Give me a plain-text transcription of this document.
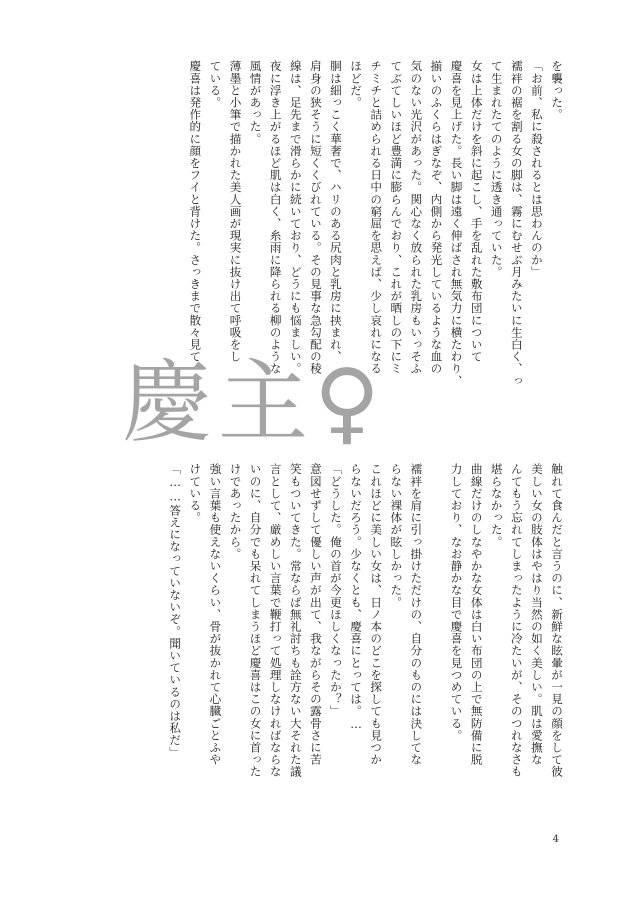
を襲った。
「お前、私に殺されるとは思わんのか」
襦袢の裾を割る女の脚は、霧にむせぶ月みたいに生白く、っ
て生まれたてのように透き通っていた。
女は上体だけを斜に起こし、手を乱れた敷布団について
慶喜を見上げた。長い脚は遠く伸ばされ無気力に横たわり、
揃いのふくらはぎなぞ、内側から発光しているような血の
気のない光沢があった。関心なく放られた乳房もいっそふ
てぶてしいほど豊満に膨らんでおり、これが晒しの下にミ
チミチと詰められる日中の窮屈を思えば、少し哀れになる
ほどだ。
胴は細っこく華奢で、ハリのある尻肉と乳房に挟まれ、
肩身の狭そうに短くくびれている。その見事な急勾配の稜
線は、足先まで滑らかに続いており、どうにも悩ましい。
夜に浮き上がるほど肌は白く、糸雨に降られる柳のような
風情があった。
薄墨と小筆で描かれた美人画が現実に抜け出て呼吸をし
ている。
慶喜は発作的に顔をフイと背けた。さっきまで散々見て
触れて食んだと言うのに、新鮮な眩暈が一見の顔をして彼
美しい女の肢体はやはり当然の如く美しい。肌は愛撫な
んてもう忘れてしまったように冷たいが、そのつれなさも
堪らなかった。
曲線だけのしなやかな女体は白い布団の上で無防備に脱
力しており、なお静かな目で慶喜を見つめている。

襦袢を肩に引っ掛けただけの、自分のものには決してな
らない裸体が眩しかった。
これほどに美しい女は、日ノ本のどこを探しても見つか
らないだろう。少なくとも、慶喜にとっては。…
「どうした。俺の首が今更ほしくなったか？」
意図せずして優しい声が出て、我ながらその露骨さに苦
笑もついてきた。常ならば無礼討ちも詮方ない大それた議
言として、厳めしい言葉で鞭打って処理しなければならな
いのに、自分でも呆れてしまうほど慶喜はこの女に首った
けであったから。
強い言葉も使えないくらい、骨が抜かれて心臓ごとふや
けている。
「……答えになっていないぞ。聞いているのは私だ」
慶主♀
4
